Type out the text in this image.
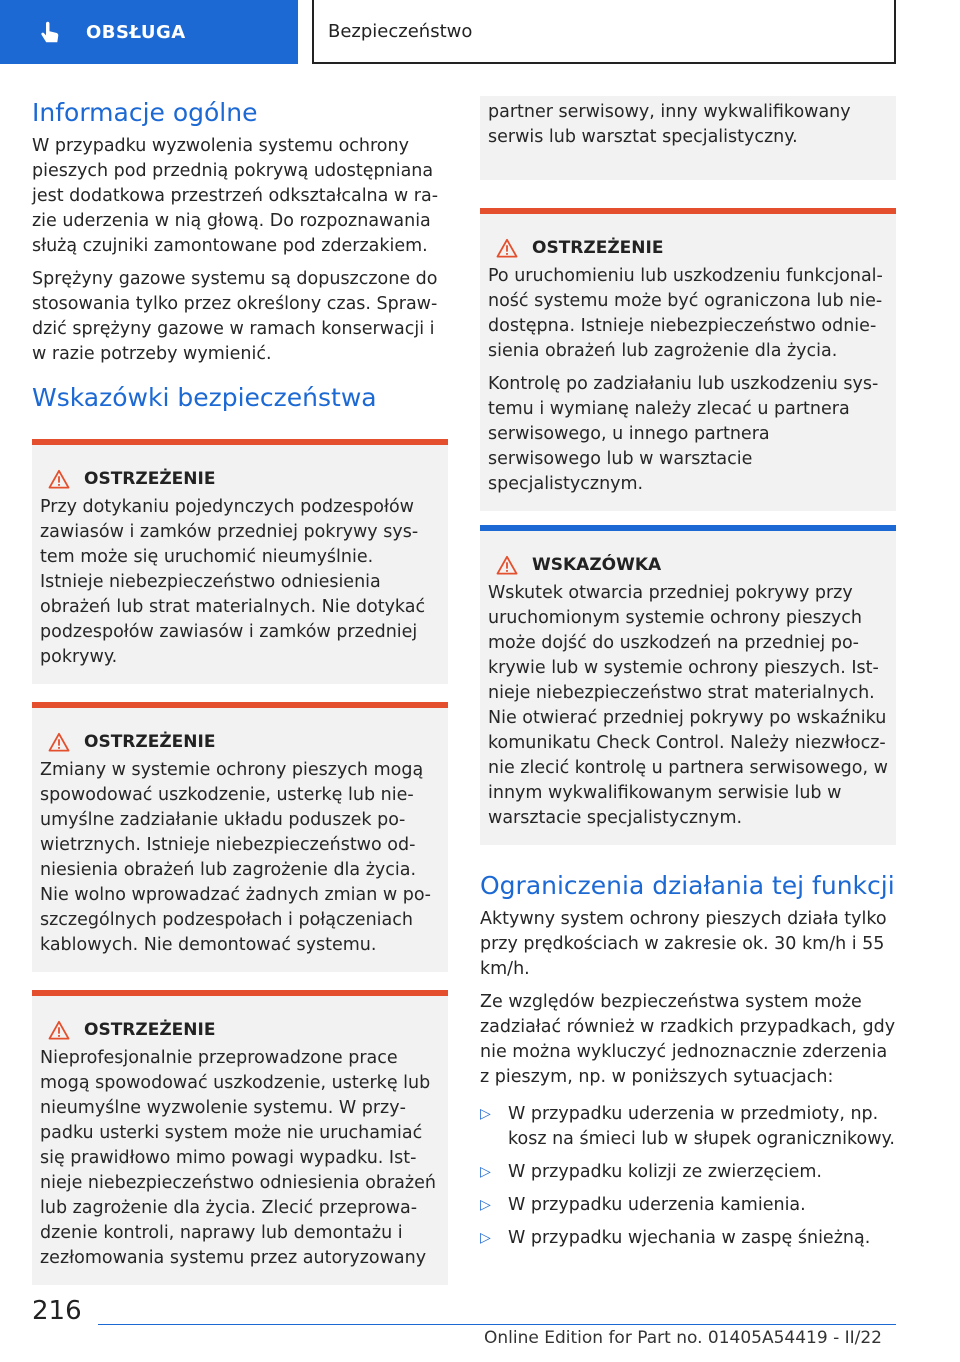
OBSŁUGA	Bezpieczeństwo
Informacje ogólne

W przypadku wyzwolenia systemu ochrony pieszych pod przednią pokrywą udostępniana jest dodatkowa przestrzeń odkształcalna w razie uderzenia w nią głową. Do rozpoznawania służą czujniki zamontowane pod zderzakiem.

Sprężyny gazowe systemu są dopuszczone do stosowania tylko przez określony czas. Sprawdzić sprężyny gazowe w ramach konserwacji i w razie potrzeby wymienić.

Wskazówki bezpieczeństwa
OSTRZEŻENIE

Przy dotykaniu pojedynczych podzespołów zawiasów i zamków przedniej pokrywy system może się uruchomić nieumyślnie. Istnieje niebezpieczeństwo odniesienia obrażeń lub strat materialnych. Nie dotykać podzespołów zawiasów i zamków przedniej pokrywy.

OSTRZEŻENIE

Zmiany w systemie ochrony pieszych mogą spowodować uszkodzenie, usterkę lub nieumyślne zadziałanie układu poduszek powietrznych. Istnieje niebezpieczeństwo odniesienia obrażeń lub zagrożenie dla życia. Nie wolno wprowadzać żadnych zmian w poszczególnych podzespołach i połączeniach kablowych. Nie demontować systemu.

OSTRZEŻENIE

Nieprofesjonalnie przeprowadzone prace mogą spowodować uszkodzenie, usterkę lub nieumyślne wyzwolenie systemu. W przypadku usterki system może nie uruchamiać się prawidłowo mimo powagi wypadku. Istnieje niebezpieczeństwo odniesienia obrażeń lub zagrożenie dla życia. Zlecić przeprowadzenie kontroli, naprawy lub demontażu i zezłomowania systemu przez autoryzowany

partner serwisowy, inny wykwalifikowany serwis lub warsztat specjalistyczny.

OSTRZEŻENIE

Po uruchomieniu lub uszkodzeniu funkcjonalność systemu może być ograniczona lub niedostępna. Istnieje niebezpieczeństwo odniesienia obrażeń lub zagrożenie dla życia.

Kontrolę po zadziałaniu lub uszkodzeniu systemu i wymianę należy zlecać u partnera serwisowego, u innego partnera serwisowego lub w warsztacie specjalistycznym.

WSKAZÓWKA

Wskutek otwarcia przedniej pokrywy przy uruchomionym systemie ochrony pieszych może dojść do uszkodzeń na przedniej pokrywie lub w systemie ochrony pieszych. Istnieje niebezpieczeństwo strat materialnych. Nie otwierać przedniej pokrywy po wskaźniku komunikatu Check Control. Należy niezwłocznie zlecić kontrolę u partnera serwisowego, w innym wykwalifikowanym serwisie lub w warsztacie specjalistycznym.

Ograniczenia działania tej funkcji

Aktywny system ochrony pieszych działa tylko przy prędkościach w zakresie ok. 30 km/h i 55 km/h.

Ze względów bezpieczeństwa system może zadziałać również w rzadkich przypadkach, gdy nie można wykluczyć jednoznacznie zderzenia z pieszym, np. w poniższych sytuacjach:

▷ W przypadku uderzenia w przedmioty, np. kosz na śmieci lub w słupek ogranicznikowy.
▷ W przypadku kolizji ze zwierzęciem.
▷ W przypadku uderzenia kamienia.
▷ W przypadku wjechania w zaspę śnieżną.
216
Online Edition for Part no. 01405A54419 - II/22
